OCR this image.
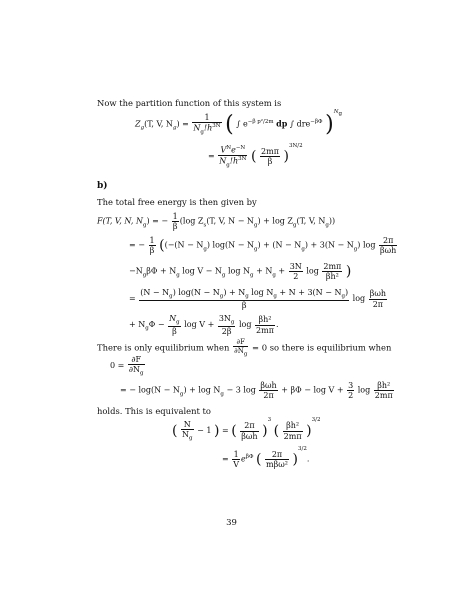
Now the partition function of this system is
$Z_g(T$, V, $N_g) = \frac{1}{N_g!h^{3N}}$ ( ∫ $e^{-\beta p^2/2m}$ dp ∫ dre$^{-\beta\Phi}$ )$^{N_g}$
= $\frac{V^Ne^{-N}}{N_g!h^{3N}}$ ( $\frac{2m\pi}{\beta} )^{3N/2}$
b)
The total free energy is then given by
F(T, V, N, $N_g$) = − $\frac{1}{\beta} (\log$ $Z_s(T$, V, $N - N_g) + \log Z_g(T$, V, $N_g$))
= − $\frac{1}{\beta} ((-(N - N_g) \log(N - N_g) + (N - N_g) + 3(N - N_g)$ $\log \frac{2\pi}{\text{βωh}}$
$-N_g\beta\Phi + N_g$ $\log V - N_g$ $\log N_g + N_g + \frac{3N}{2}$ $\log \frac{2m\pi}{\text{βh²}}$ )
= $\frac{(N - N_g) \log(N - N_g) + N_g \log N_g + N + 3(N - N_g)}{\beta}$ $\log \frac{\text{βωh}}{2\pi}$
+ $N_g\Phi - \frac{N_g}{\beta}$ $\log V + \frac{3N_g}{2\beta}$ $\log \frac{\text{βh²}}{2m\pi}$ .
There is only equilibrium when $\frac{\partial F}{\partial N_g} = 0$ so there is equilibrium when
$0 = \frac{\partial F}{\partial N_g}$
= − $\log(N - N_g) + \log N_g - 3$ $\log \frac{\text{βωh}}{2\pi} + \beta\Phi - \log V + \frac{3}{2}$ $\log \frac{\text{βh²}}{2m\pi}$
holds. This is equivalent to
( $\frac{N}{N_g} - 1$ ) = ( $\frac{2\pi}{\text{βωh}} )^3$ ( $\frac{\text{βh²}}{2m\pi} )^{3/2}$
= $\frac{1}{V} e^{\beta\Phi}$ ( $\frac{2\pi}{\text{mβω²}} )^{3/2}$.
39
